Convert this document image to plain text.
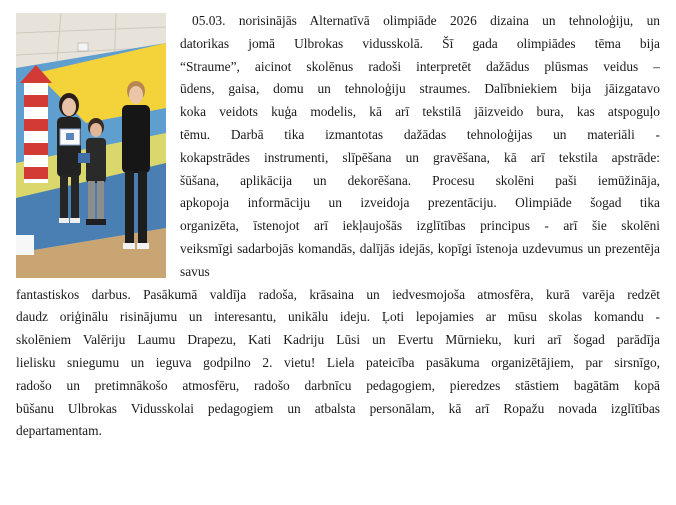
05.03. norisinājās Alternatīvā olimpiāde 2026 dizaina un tehnoloģiju, un
datorikas jomā Ulbrokas vidusskolā. Šī gada olimpiādes tēma bija
“Straume”, aicinot skolēnus radoši interpretēt dažādus plūsmas veidus –
ūdens, gaisa, domu un tehnoloģiju straumes. Dalībniekiem bija jāizgatavo
koka veidots kuģa modelis, kā arī tekstilā jāizveido bura, kas atspoguļo
tēmu. Darbā tika izmantotas dažādas tehnoloģijas un materiāli -
kokapstrādes instrumenti, slīpēšana un gravēšana, kā arī tekstila apstrāde:
šūšana, aplikācija un dekorēšana. Procesu skolēni paši iemūžināja,
apkopoja informāciju un izveidoja prezentāciju. Olimpiāde šogad tika
organizēta, īstenojot arī iekļaujošās izglītības principus - arī šie skolēni
veiksmīgi sadarbojās komandās, dalījās idejās, kopīgi īstenoja uzdevumus un prezentēja savus
fantastiskos darbus. Pasākumā valdīja radoša, krāsaina un iedvesmojoša atmosfēra, kurā varēja redzēt
daudz oriģinālu risinājumu un interesantu, unikālu ideju. Ļoti lepojamies ar mūsu skolas komandu -
skolēniem Valēriju Laumu Drapezu, Kati Kadriju Lūsi un Evertu Mūrnieku, kuri arī šogad parādīja
lielisku sniegumu un ieguva godpilno 2. vietu! Liela pateicība pasākuma organizētājiem, par sirsnīgo,
radošo un pretimnākošo atmosfēru, radošo darbnīcu pedagogiem, pieredzes stāstiem bagātām kopā
būšanu Ulbrokas Vidusskolai pedagogiem un atbalsta personālam, kā arī Ropažu novada izglītības
departamentam.
